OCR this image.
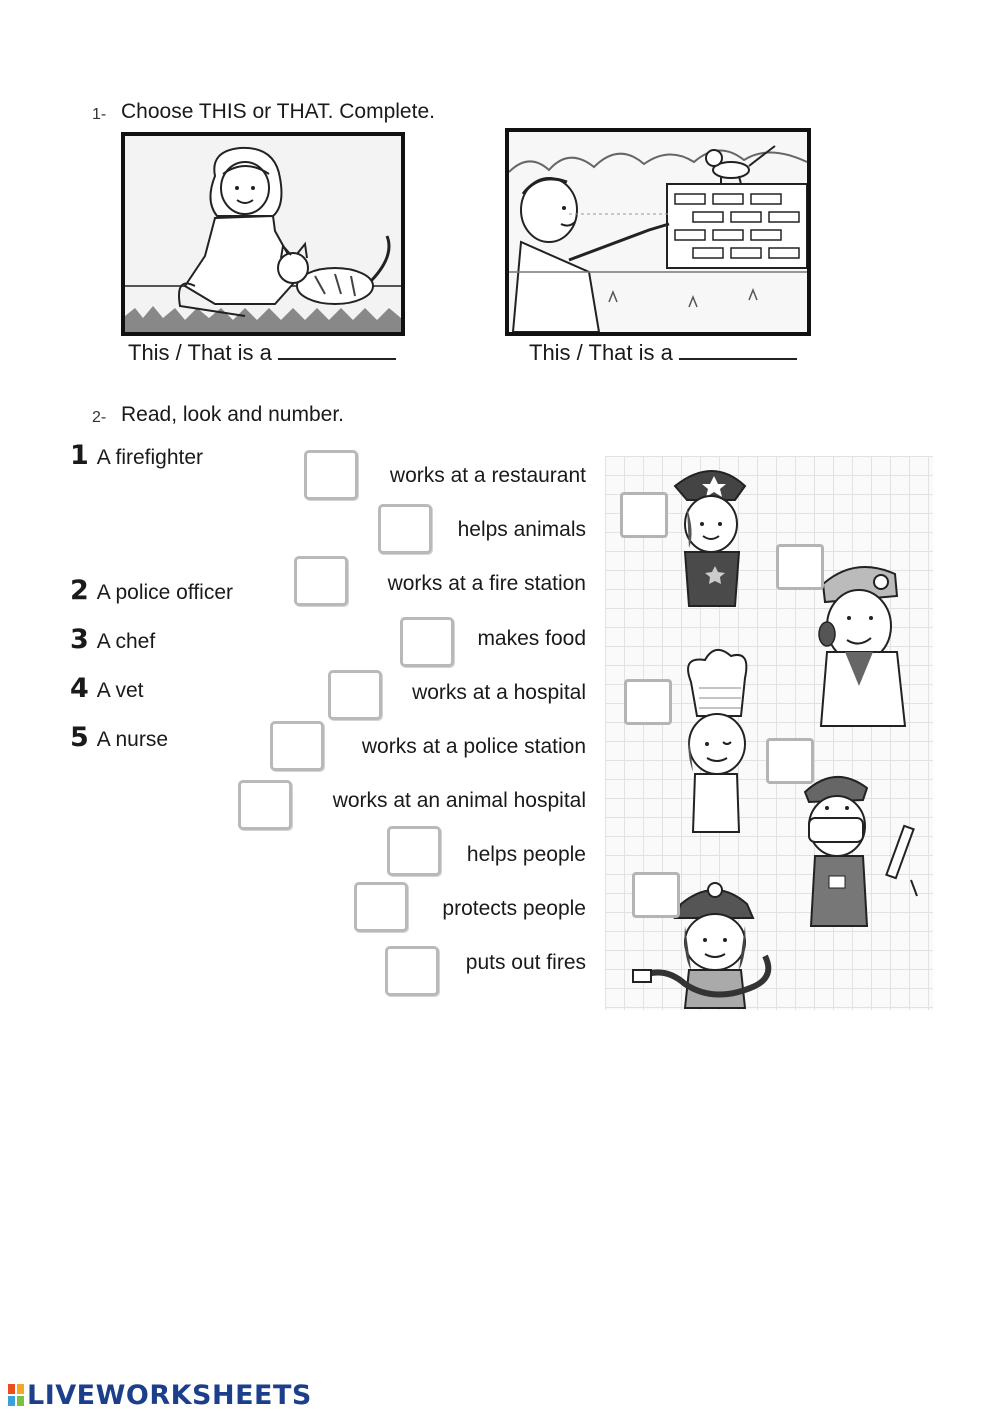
1- Choose THIS or THAT. Complete.
This / That is a	This / That is a
2- Read, look and number.
1 A firefighter
2 A police officer
3 A chef
4 A vet
5 A nurse
works at a restaurant
helps animals
works at a fire station
makes food
works at a hospital
works at a police station
works at an animal hospital
helps people
protects people
puts out fires
LIVEWORKSHEETS
